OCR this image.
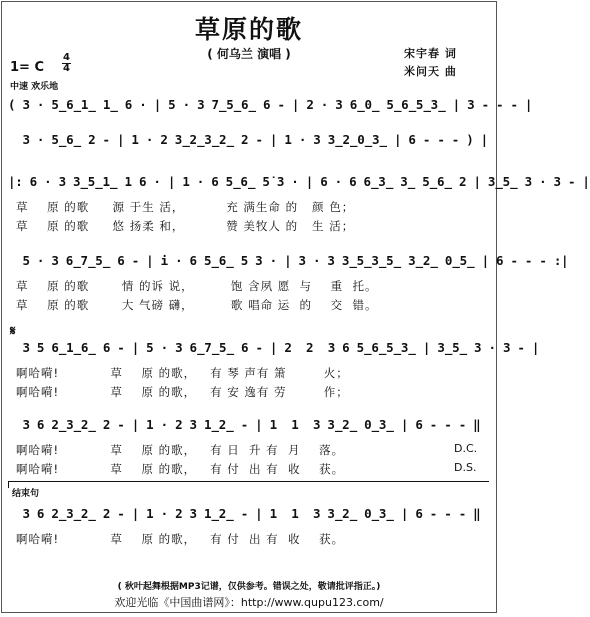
草原的歌
( 何乌兰 演唱 )	宋宇春 词
米问天 曲
1= C
4
4
中速 欢乐地
( 3 · 5̲6̲1̲ 1̲ 6 · | 5 · 3 7̲5̲6̲ 6 - | 2 · 3 6̲0̲ 5̲6̲5̲3̲ | 3 - - - |
3 · 5̲6̲ 2 - | 1 · 2 3̲2̲3̲2̲ 2 - | 1 · 3 3̲2̲0̲3̲ | 6 - - - ) |
|: 6 · 3 3̲5̲1̲ 1 6 · | 1 · 6 5̲6̲ 5̇ 3 · | 6 · 6 6̲3̲ 3̲ 5̲6̲ 2 | 3̲5̲ 3 · 3 - |
草    原 的歌     源 于生 活，         充 满生命 的   颜 色；
草    原 的歌     悠 扬柔 和，         赞 美牧人 的   生 活；
5 · 3 6̲7̲5̲ 6 - | i · 6 5̲6̲ 5 3 · | 3 · 3 3̲5̲3̲5̲ 3̲2̲ 0̲5̲ | 6 - - - :|
草    原 的歌       情 的诉 说，        饱 含夙 愿  与    重  托。
草    原 的歌       大 气磅 礴，        歌 唱命 运  的    交  错。
𝄋
3 5 6̲1̲6̲ 6 - | 5 · 3 6̲7̲5̲ 6 - | 2  2  3 6 5̲6̲5̲3̲ | 3̲5̲ 3 · 3 - |
啊哈嗬!           草    原 的歌，   有 琴 声有 箫        火；
啊哈嗬!           草    原 的歌，   有 安 逸有 劳        作；
3 6 2̲3̲2̲ 2 - | 1 · 2 3 1̲2̲ - | 1  1  3 3̲2̲ 0̲3̲ | 6 - - - ‖
啊哈嗬!           草    原 的歌，   有 日  升 有  月    落。
啊哈嗬!           草    原 的歌，   有 付  出 有  收    获。
D.C.
D.S.
结束句
3 6 2̲3̲2̲ 2 - | 1 · 2 3 1̲2̲ - | 1  1  3 3̲2̲ 0̲3̲ | 6 - - - ‖
啊哈嗬!           草    原 的歌，   有 付  出 有  收    获。
( 秋叶起舞根据MP3记谱，仅供参考。错误之处，敬请批评指正。)
欢迎光临《中国曲谱网》：http://www.qupu123.com/
